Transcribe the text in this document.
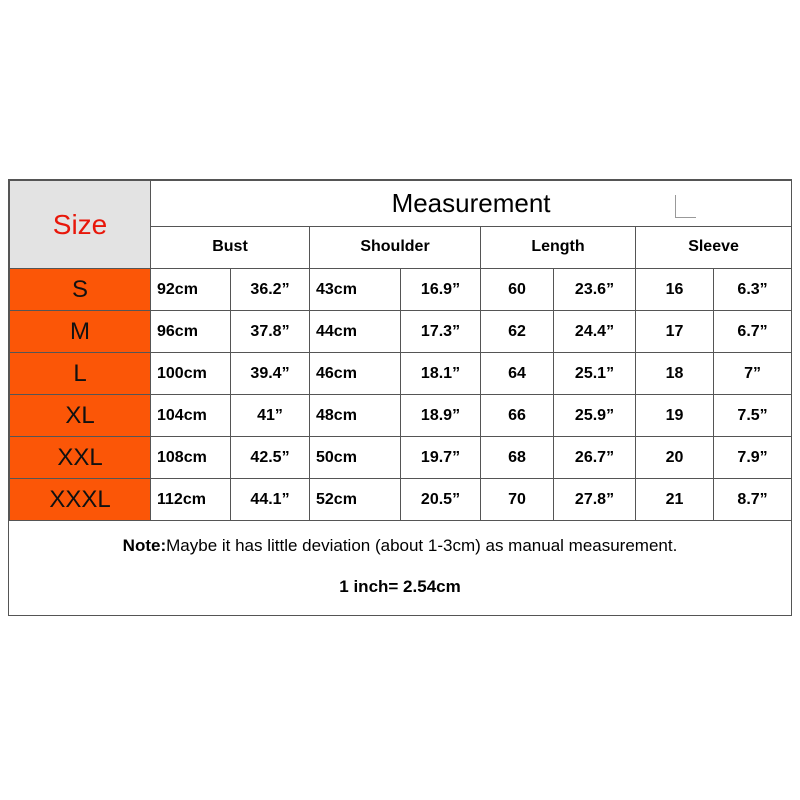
Size	Measurement							

	Bust		Shoulder		Length		Sleeve	
S	92cm	36.2”	43cm	16.9”	60	23.6”	16	6.3”
M	96cm	37.8”	44cm	17.3”	62	24.4”	17	6.7”
L	100cm	39.4”	46cm	18.1”	64	25.1”	18	7”
XL	104cm	41”	48cm	18.9”	66	25.9”	19	7.5”
XXL	108cm	42.5”	50cm	19.7”	68	26.7”	20	7.9”
XXXL	112cm	44.1”	52cm	20.5”	70	27.8”	21	8.7”
Note:Maybe it has little deviation (about 1-3cm) as manual measurement.
1 inch= 2.54cm
